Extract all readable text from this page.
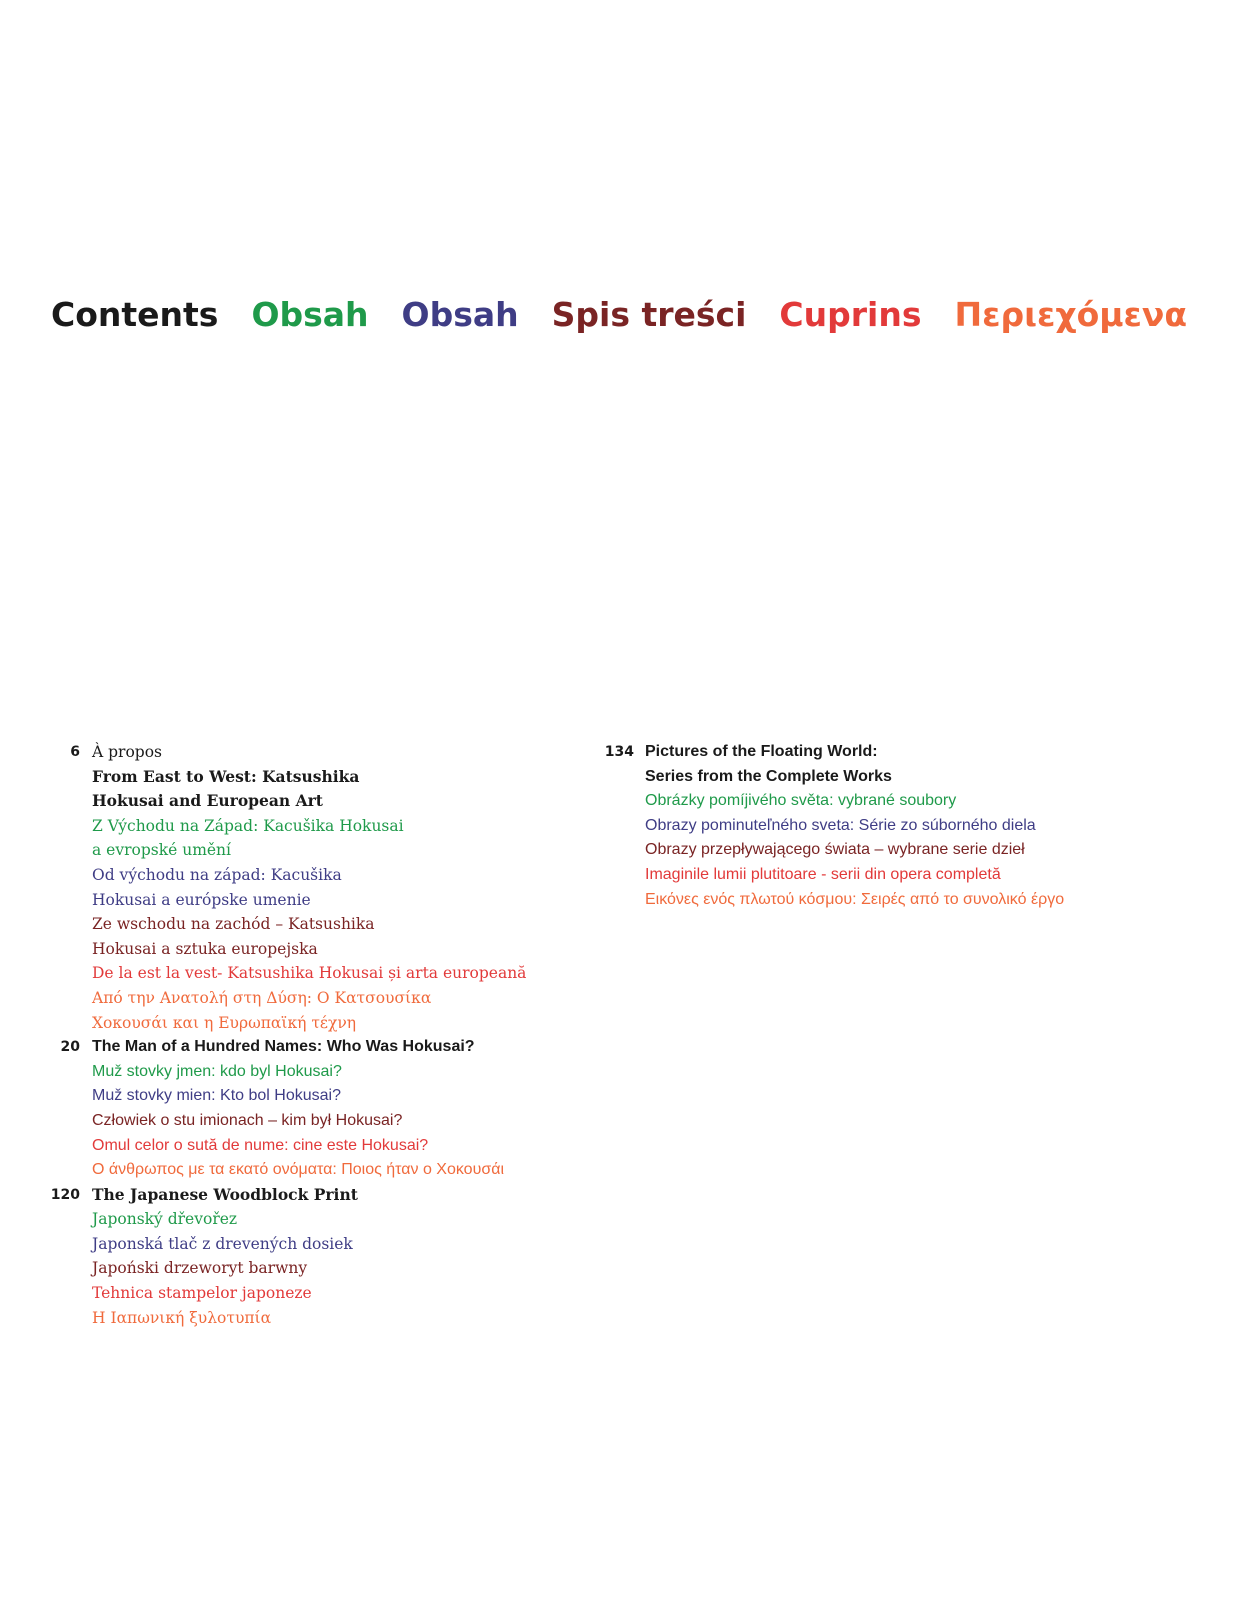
Contents Obsah Obsah Spis treści Cuprins Περιεχόμενα
6 À propos
From East to West: Katsushika
Hokusai and European Art
Z Východu na Západ: Kacušika Hokusai
a evropské umění
Od východu na západ: Kacušika
Hokusai a európske umenie
Ze wschodu na zachód – Katsushika
Hokusai a sztuka europejska
De la est la vest- Katsushika Hokusai și arta europeană
Από την Ανατολή στη Δύση: Ο Κατσουσίκα
Χοκουσάι και η Ευρωπαϊκή τέχνη
20 The Man of a Hundred Names: Who Was Hokusai?
Muž stovky jmen: kdo byl Hokusai?
Muž stovky mien: Kto bol Hokusai?
Człowiek o stu imionach – kim był Hokusai?
Omul celor o sută de nume: cine este Hokusai?
Ο άνθρωπος με τα εκατό ονόματα: Ποιος ήταν ο Χοκουσάι
120 The Japanese Woodblock Print
Japonský dřevořez
Japonská tlač z drevených dosiek
Japoński drzeworyt barwny
Tehnica stampelor japoneze
Η Ιαπωνική ξυλοτυπία
134 Pictures of the Floating World:
Series from the Complete Works
Obrázky pomíjivého světa: vybrané soubory
Obrazy pominuteľného sveta: Série zo súborného diela
Obrazy przepływającego świata – wybrane serie dzieł
Imaginile lumii plutitoare - serii din opera completă
Εικόνες ενός πλωτού κόσμου: Σειρές από το συνολικό έργο
